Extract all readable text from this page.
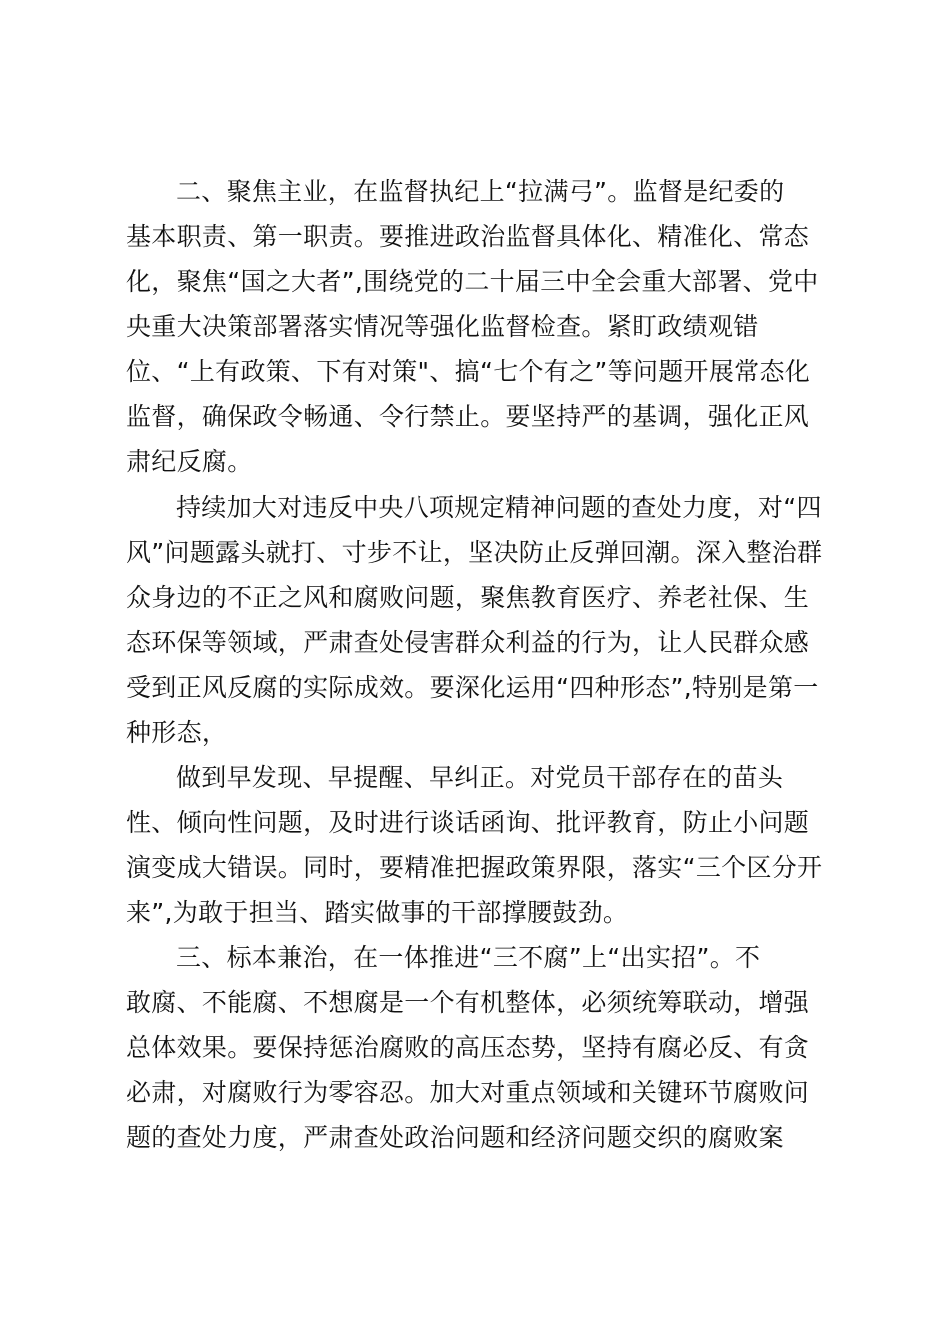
二、聚焦主业，在监督执纪上“拉满弓”。监督是纪委的
基本职责、第一职责。要推进政治监督具体化、精准化、常态
化，聚焦“国之大者”,围绕党的二十届三中全会重大部署、党中
央重大决策部署落实情况等强化监督检查。紧盯政绩观错
位、“上有政策、下有对策"、搞“七个有之”等问题开展常态化
监督，确保政令畅通、令行禁止。要坚持严的基调，强化正风
肃纪反腐。
持续加大对违反中央八项规定精神问题的查处力度，对“四
风”问题露头就打、寸步不让，坚决防止反弹回潮。深入整治群
众身边的不正之风和腐败问题，聚焦教育医疗、养老社保、生
态环保等领域，严肃查处侵害群众利益的行为，让人民群众感
受到正风反腐的实际成效。要深化运用“四种形态”,特别是第一
种形态，
做到早发现、早提醒、早纠正。对党员干部存在的苗头
性、倾向性问题，及时进行谈话函询、批评教育，防止小问题
演变成大错误。同时，要精准把握政策界限，落实“三个区分开
来”,为敢于担当、踏实做事的干部撑腰鼓劲。
三、标本兼治，在一体推进“三不腐”上“出实招”。不
敢腐、不能腐、不想腐是一个有机整体，必须统筹联动，增强
总体效果。要保持惩治腐败的高压态势，坚持有腐必反、有贪
必肃，对腐败行为零容忍。加大对重点领域和关键环节腐败问
题的查处力度，严肃查处政治问题和经济问题交织的腐败案
